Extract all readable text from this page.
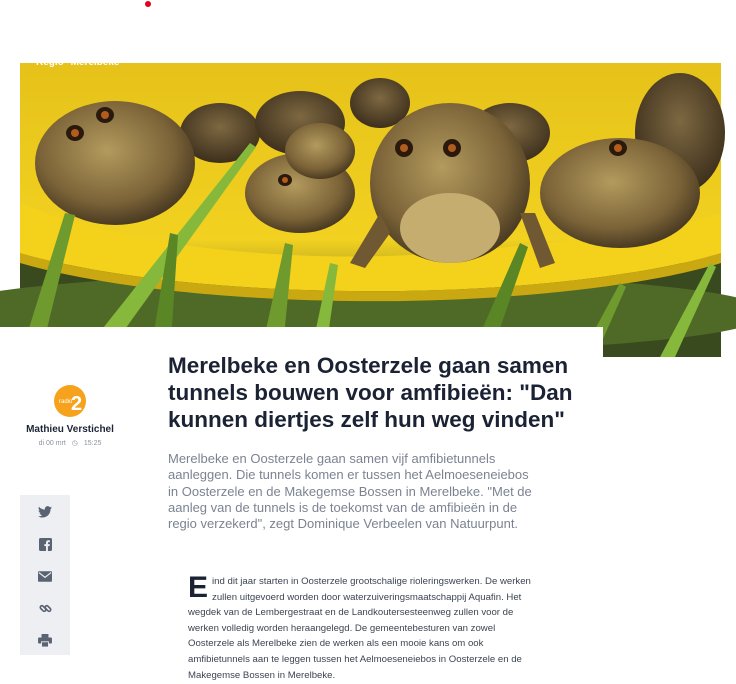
Regio Merelbeke
radio
2
Mathieu Verstichel
di 00 mrt ◷ 15:25
Merelbeke en Oosterzele gaan samen tunnels bouwen voor amfibieën: "Dan kunnen diertjes zelf hun weg vinden"

Merelbeke en Oosterzele gaan samen vijf amfibietunnels aanleggen. Die tunnels komen er tussen het Aelmoeseneiebos in Oosterzele en de Makegemse Bossen in Merelbeke. "Met de aanleg van de tunnels is de toekomst van de amfibieën in de regio verzekerd", zegt Dominique Verbeelen van Natuurpunt.

Eind dit jaar starten in Oosterzele grootschalige rioleringswerken. De werken zullen uitgevoerd worden door waterzuiveringsmaatschappij Aquafin. Het wegdek van de Lembergestraat en de Landkoutersesteenweg zullen voor de werken volledig worden heraangelegd. De gemeentebesturen van zowel Oosterzele als Merelbeke zien de werken als een mooie kans om ook amfibietunnels aan te leggen tussen het Aelmoeseneiebos in Oosterzele en de Makegemse Bossen in Merelbeke.
